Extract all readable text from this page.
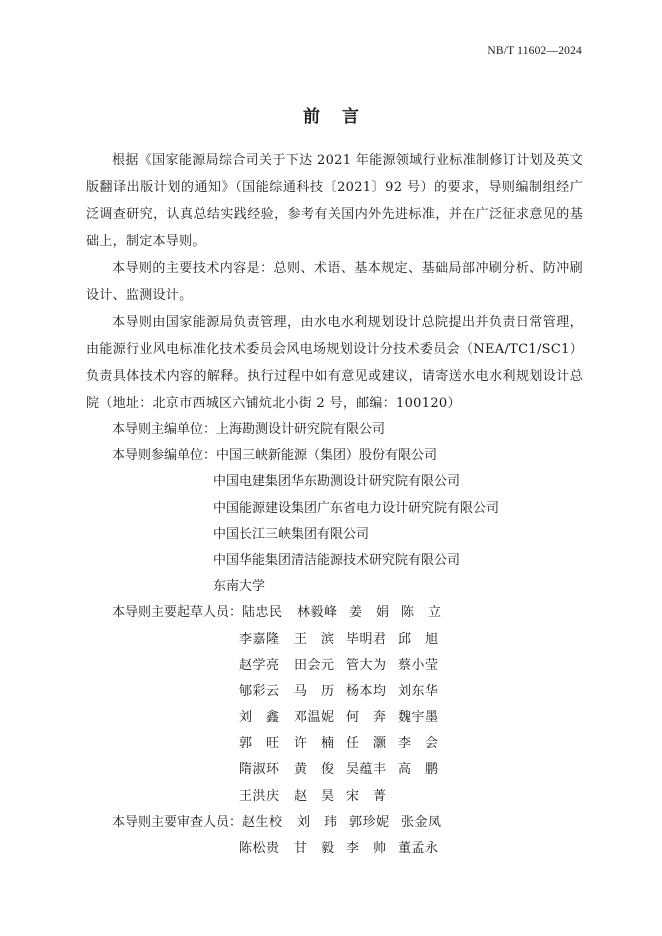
NB/T 11602—2024
前言

根据《国家能源局综合司关于下达 2021 年能源领域行业标准制修订计划及英文版翻译出版计划的通知》（国能综通科技〔2021〕92 号）的要求，导则编制组经广泛调查研究，认真总结实践经验，参考有关国内外先进标准，并在广泛征求意见的基础上，制定本导则。

本导则的主要技术内容是：总则、术语、基本规定、基础局部冲刷分析、防冲刷设计、监测设计。

本导则由国家能源局负责管理，由水电水利规划设计总院提出并负责日常管理，由能源行业风电标准化技术委员会风电场规划设计分技术委员会（NEA/TC1/SC1）负责具体技术内容的解释。执行过程中如有意见或建议，请寄送水电水利规划设计总院（地址：北京市西城区六铺炕北小街 2 号，邮编：100120）

本导则主编单位： 上海勘测设计研究院有限公司
本导则参编单位： 中国三峡新能源（集团）股份有限公司
中国电建集团华东勘测设计研究院有限公司
中国能源建设集团广东省电力设计研究院有限公司
中国长江三峡集团有限公司
中国华能集团清洁能源技术研究院有限公司
东南大学
本导则主要起草人员： 陆忠民	林毅峰 姜　娟 陈　立
李嘉隆	王　滨 毕明君 邱　旭
赵学亮	田会元 管大为 蔡小莹
郇彩云	马　历 杨本均 刘东华
刘　鑫	邓温妮 何　奔 魏宇墨
郭　旺	许　楠 任　灏 李　会
隋淑环	黄　俊 吴蕴丰 高　鹏
王洪庆	赵　昊 宋　菁
本导则主要审查人员： 赵生校	刘　玮 郭珍妮 张金凤
陈松贵	甘　毅 李　帅 董孟永
